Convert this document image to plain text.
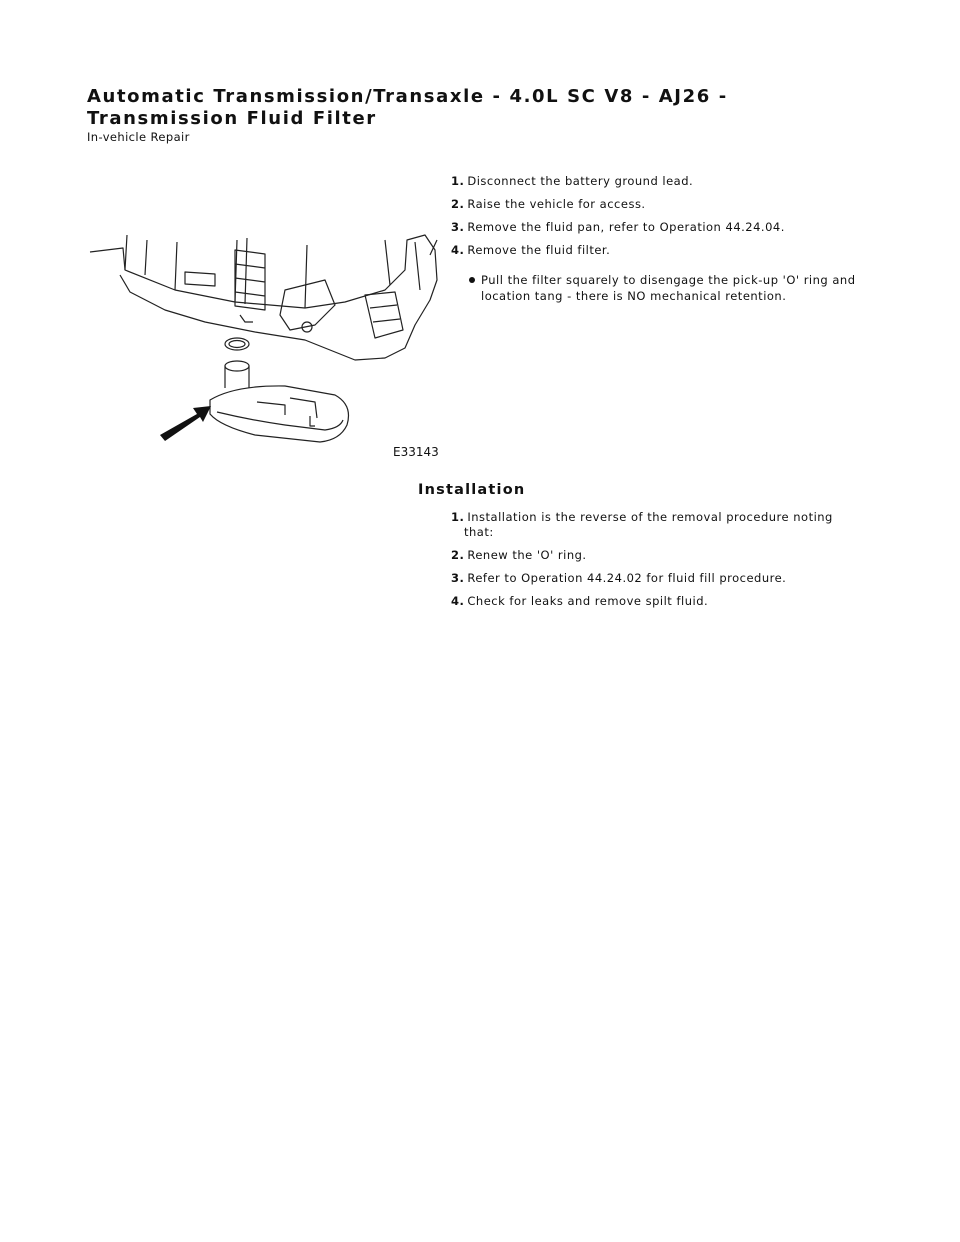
Automatic Transmission/Transaxle - 4.0L SC V8 - AJ26 - Transmission Fluid Filter
In-vehicle Repair
E33143
1. Disconnect the battery ground lead.
2. Raise the vehicle for access.
3. Remove the fluid pan, refer to Operation 44.24.04.
4. Remove the fluid filter.
Pull the filter squarely to disengage the pick-up 'O' ring and location tang - there is NO mechanical retention.
Installation
1. Installation is the reverse of the removal procedure noting
that:
2. Renew the 'O' ring.
3. Refer to Operation 44.24.02 for fluid fill procedure.
4. Check for leaks and remove spilt fluid.
